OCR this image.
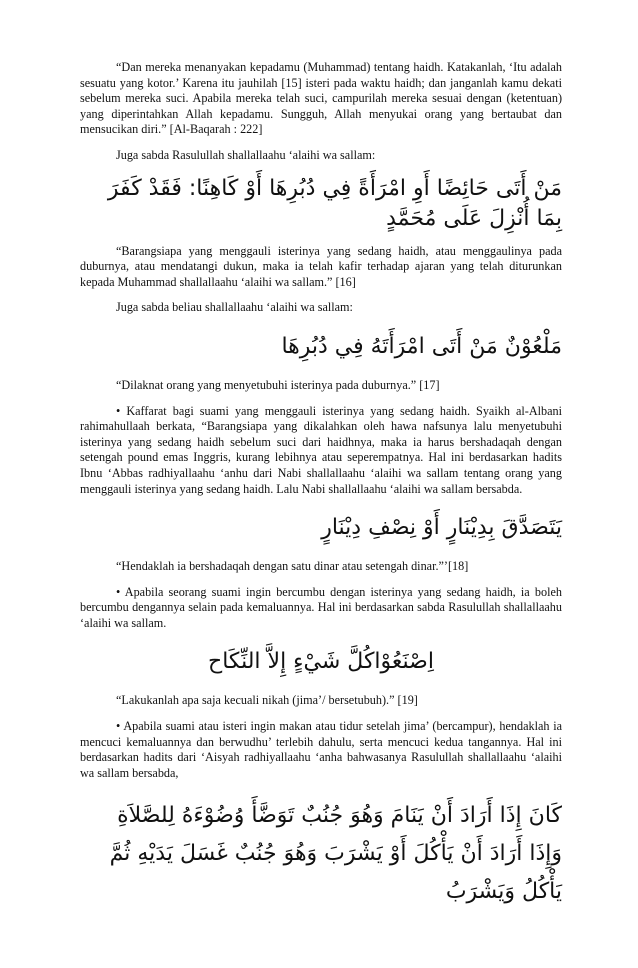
“Dan mereka menanyakan kepadamu (Muhammad) tentang haidh. Katakanlah, ‘Itu adalah sesuatu yang kotor.’ Karena itu jauhilah [15] isteri pada waktu haidh; dan janganlah kamu dekati sebelum mereka suci. Apabila mereka telah suci, campurilah mereka sesuai dengan (ketentuan) yang diperintahkan Allah kepadamu. Sungguh, Allah menyukai orang yang bertaubat dan mensucikan diri.” [Al-Baqarah : 222]

Juga sabda Rasulullah shallallaahu ‘alaihi wa sallam:

مَنْ أَتَى حَائِضًا أَوِ امْرَأَةً فِي دُبُرِهَا أَوْ كَاهِنًا: فَقَدْ كَفَرَ بِمَا أُنْزِلَ عَلَى مُحَمَّدٍ

“Barangsiapa yang menggauli isterinya yang sedang haidh, atau menggaulinya pada duburnya, atau mendatangi dukun, maka ia telah kafir terhadap ajaran yang telah diturunkan kepada Muhammad shallallaahu ‘alaihi wa sallam.” [16]

Juga sabda beliau shallallaahu ‘alaihi wa sallam:

مَلْعُوْنٌ مَنْ أَتَى امْرَأَتَهُ فِي دُبُرِهَا

“Dilaknat orang yang menyetubuhi isterinya pada duburnya.” [17]

• Kaffarat bagi suami yang menggauli isterinya yang sedang haidh. Syaikh al-Albani rahimahullaah berkata, “Barangsiapa yang dikalahkan oleh hawa nafsunya lalu menyetubuhi isterinya yang sedang haidh sebelum suci dari haidhnya, maka ia harus bershadaqah dengan setengah pound emas Inggris, kurang lebihnya atau seperempatnya. Hal ini berdasarkan hadits Ibnu ‘Abbas radhiyallaahu ‘anhu dari Nabi shallallaahu ‘alaihi wa sallam tentang orang yang menggauli isterinya yang sedang haidh. Lalu Nabi shallallaahu ‘alaihi wa sallam bersabda.

يَتَصَدَّقَ بِدِيْنَارٍ أَوْ نِصْفِ دِيْنَارٍ

“Hendaklah ia bershadaqah dengan satu dinar atau setengah dinar.”’[18]

• Apabila seorang suami ingin bercumbu dengan isterinya yang sedang haidh, ia boleh bercumbu dengannya selain pada kemaluannya. Hal ini berdasarkan sabda Rasulullah shallallaahu ‘alaihi wa sallam.

اِصْنَعُوْاكُلَّ شَيْءٍ إِلاَّ النِّكَاح

“Lakukanlah apa saja kecuali nikah (jima’/ bersetubuh).” [19]

• Apabila suami atau isteri ingin makan atau tidur setelah jima’ (bercampur), hendaklah ia mencuci kemaluannya dan berwudhu’ terlebih dahulu, serta mencuci kedua tangannya. Hal ini berdasarkan hadits dari ‘Aisyah radhiyallaahu ‘anha bahwasanya Rasulullah shallallaahu ‘alaihi wa sallam bersabda,

كَانَ إِذَا أَرَادَ أَنْ يَنَامَ وَهُوَ جُنُبٌ تَوَضَّأَ وُضُوْءَهُ لِلصَّلاَةِ وَإِذَا أَرَادَ أَنْ يَأْكُلَ أَوْ يَشْرَبَ وَهُوَ جُنُبٌ غَسَلَ يَدَيْهِ ثُمَّ يَأْكُلُ وَيَشْرَبُ
